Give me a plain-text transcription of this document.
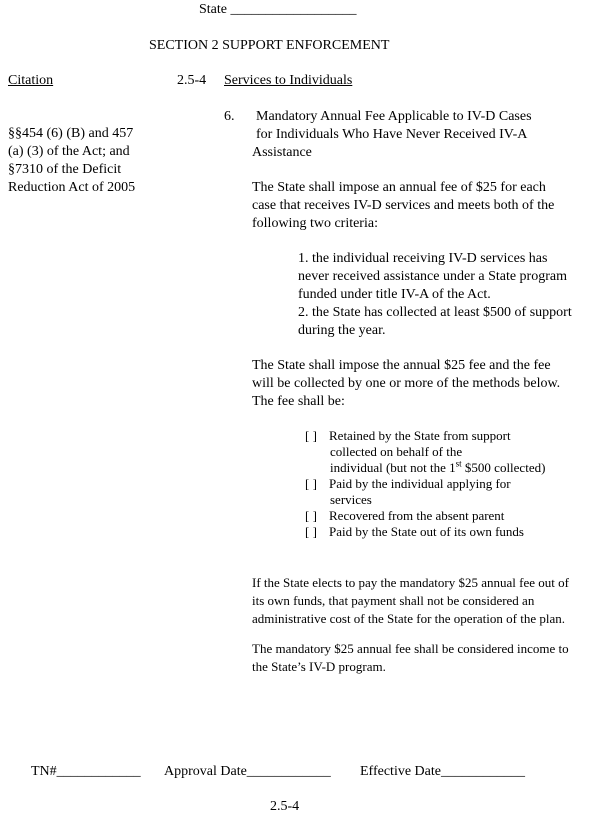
State __________________
SECTION 2 SUPPORT ENFORCEMENT
Citation	2.5-4 Services to Individuals
6. Mandatory Annual Fee Applicable to IV-D Cases
for Individuals Who Have Never Received IV-A
Assistance
§§454 (6) (B) and 457
(a) (3) of the Act; and
§7310 of the Deficit
Reduction Act of 2005	The State shall impose an annual fee of $25 for each
case that receives IV-D services and meets both of the
following two criteria:
1. the individual receiving IV-D services has
never received assistance under a State program
funded under title IV-A of the Act.
2. the State has collected at least $500 of support
during the year.
The State shall impose the annual $25 fee and the fee
will be collected by one or more of the methods below.
The fee shall be:
[ ] Retained by the State from support
collected on behalf of the
individual (but not the 1st $500 collected)
[ ] Paid by the individual applying for
services
[ ] Recovered from the absent parent
[ ] Paid by the State out of its own funds
If the State elects to pay the mandatory $25 annual fee out of
its own funds, that payment shall not be considered an
administrative cost of the State for the operation of the plan.
The mandatory $25 annual fee shall be considered income to
the State’s IV-D program.
TN#____________ Approval Date____________ Effective Date____________
2.5-4
